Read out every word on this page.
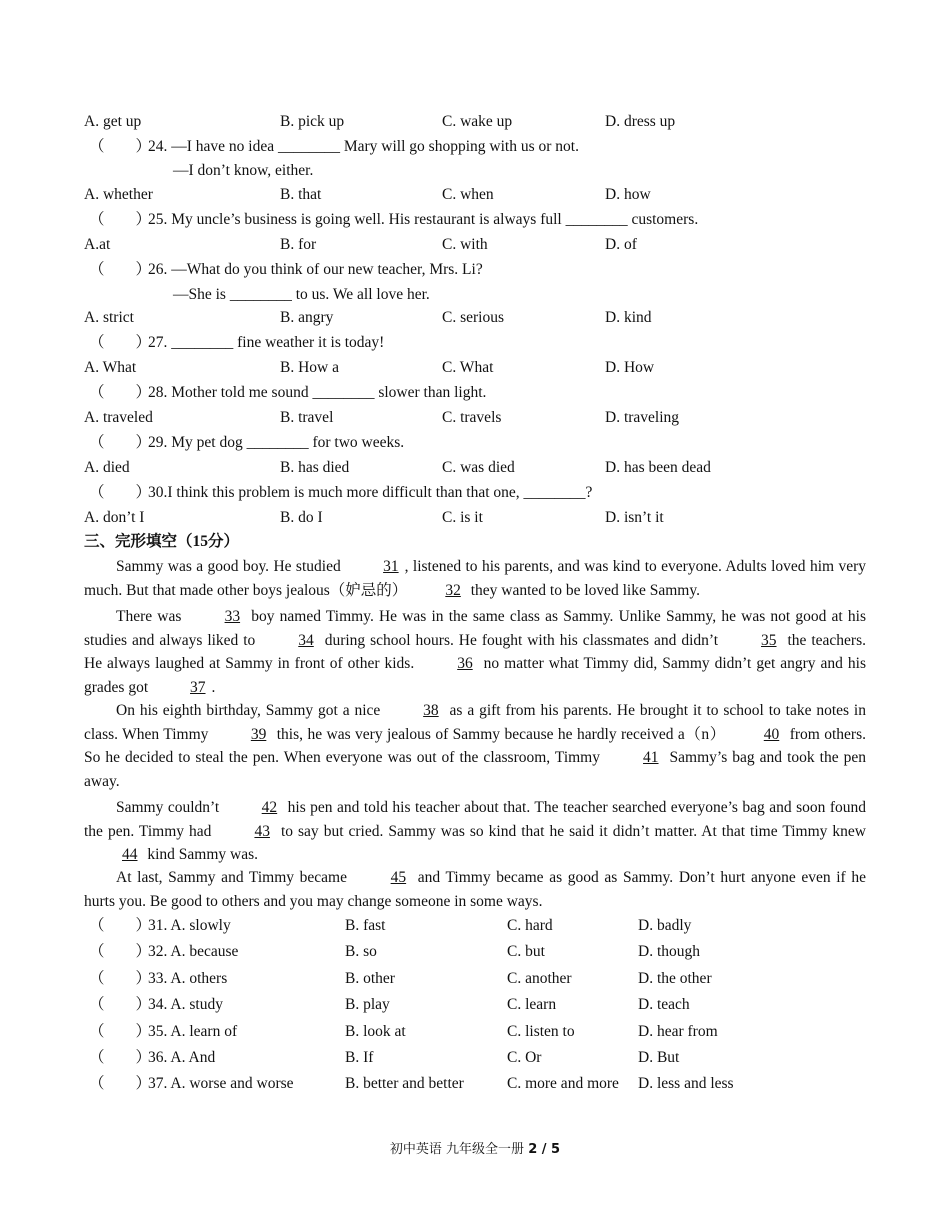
A. get up	B. pick up	C. wake up	D. dress up
（　　）
24. —I have no idea ________ Mary will go shopping with us or not.
—I don’t know, either.
A. whether	B. that	C. when	D. how
（　　）
25. My uncle’s business is going well. His restaurant is always full ________ customers.
A.at	B. for	C. with	D. of
（　　）
26. —What do you think of our new teacher, Mrs. Li?
—She is ________ to us. We all love her.
A. strict	B. angry	C. serious	D. kind
（　　）
27. ________ fine weather it is today!
A. What	B. How a	C. What	D. How
（　　）
28. Mother told me sound ________ slower than light.
A. traveled	B. travel	C. travels	D. traveling
（　　）
29. My pet dog ________ for two weeks.
A. died	B. has died	C. was died	D. has been dead
（　　）
30.I think this problem is much more difficult than that one, ________?
A. don’t I	B. do I	C. is it	D. isn’t it
三、完形填空（15分）
Sammy was a good boy. He studied 31 , listened to his parents, and was kind to everyone. Adults loved him very much. But that made other boys jealous（妒忌的） 32 they wanted to be loved like Sammy.
There was 33 boy named Timmy. He was in the same class as Sammy. Unlike Sammy, he was not good at his studies and always liked to 34 during school hours. He fought with his classmates and didn’t 35 the teachers. He always laughed at Sammy in front of other kids. 36 no matter what Timmy did, Sammy didn’t get angry and his grades got 37 .
On his eighth birthday, Sammy got a nice 38 as a gift from his parents. He brought it to school to take notes in class. When Timmy 39 this, he was very jealous of Sammy because he hardly received a（n） 40 from others. So he decided to steal the pen. When everyone was out of the classroom, Timmy 41 Sammy’s bag and took the pen away.
Sammy couldn’t 42 his pen and told his teacher about that. The teacher searched everyone’s bag and soon found the pen. Timmy had 43 to say but cried. Sammy was so kind that he said it didn’t matter. At that time Timmy knew 44 kind Sammy was.
At last, Sammy and Timmy became 45 and Timmy became as good as Sammy. Don’t hurt anyone even if he hurts you. Be good to others and you may change someone in some ways.
（　　）
31. A. slowly	B. fast	C. hard	D. badly
（　　）
32. A. because	B. so	C. but	D. though
（　　）
33. A. others	B. other	C. another	D. the other
（　　）
34. A. study	B. play	C. learn	D. teach
（　　）
35. A. learn of	B. look at	C. listen to	D. hear from
（　　）
36. A. And	B. If	C. Or	D. But
（　　）
37. A. worse and worse	B. better and better	C. more and more D. less and less
初中英语 九年级全一册 2 / 5
